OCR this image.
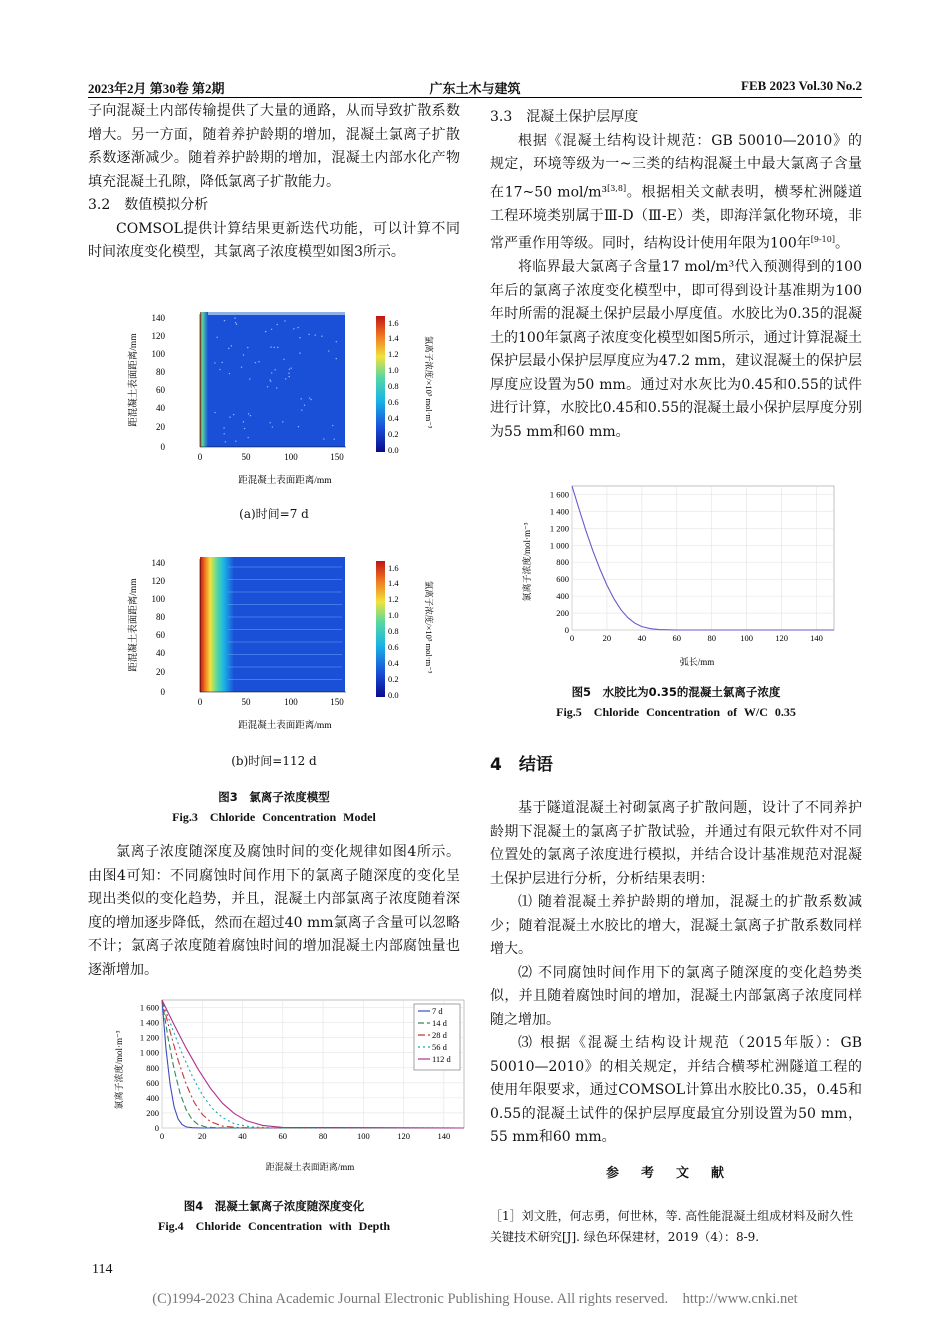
2023年2月 第30卷 第2期	广东土木与建筑	FEB 2023 Vol.30 No.2

子向混凝土内部传输提供了大量的通路，从而导致扩散系数增大。另一方面，随着养护龄期的增加，混凝土氯离子扩散系数逐渐减少。随着养护龄期的增加，混凝土内部水化产物填充混凝土孔隙，降低氯离子扩散能力。

3.2　数值模拟分析

COMSOL提供计算结果更新迭代功能，可以计算不同时间浓度变化模型，其氯离子浓度模型如图3所示。

140
120
100
80
60
40
20
0
0	50	100	150
距混凝土表面距离/mm
距混凝土表面距离/mm
1.6
1.4
1.2
1.0
0.8
0.6
0.4
0.2
0.0
氯离子浓度/×10³ mol·m⁻³
(a)时间=7 d
140
120
100
80
60
40
20
0
0	50	100	150
距混凝土表面距离/mm
距混凝土表面距离/mm
1.6
1.4
1.2
1.0
0.8
0.6
0.4
0.2
0.0
氯离子浓度/×10³ mol·m⁻³
(b)时间=112 d
图3　氯离子浓度模型
Fig.3　Chloride Concentration Model

氯离子浓度随深度及腐蚀时间的变化规律如图4所示。由图4可知：不同腐蚀时间作用下的氯离子随深度的变化呈现出类似的变化趋势，并且，混凝土内部氯离子浓度随着深度的增加逐步降低，然而在超过40 mm氯离子含量可以忽略不计；氯离子浓度随着腐蚀时间的增加混凝土内部腐蚀量也逐渐增加。

氯离子浓度/mol·m⁻³
距混凝土表面距离/mm
0	20	40	60	80	100	120	140
0
200
400
600
800
1 000
1 200
1 400
1 600	7 d
14 d
28 d
56 d
112 d
图4　混凝土氯离子浓度随深度变化
Fig.4　Chloride Concentration with Depth

3.3　混凝土保护层厚度

根据《混凝土结构设计规范：GB 50010—2010》的规定，环境等级为一~三类的结构混凝土中最大氯离子含量在17~50 mol/m³[3,8]。根据相关文献表明，横琴杧洲隧道工程环境类别属于Ⅲ-D（Ⅲ-E）类，即海洋氯化物环境，非常严重作用等级。同时，结构设计使用年限为100年[9-10]。

将临界最大氯离子含量17 mol/m³代入预测得到的100年后的氯离子浓度变化模型中，即可得到设计基准期为100年时所需的混凝土保护层最小厚度值。水胶比为0.35的混凝土的100年氯离子浓度变化模型如图5所示，通过计算混凝土保护层最小保护层厚度应为47.2 mm，建议混凝土的保护层厚度应设置为50 mm。通过对水灰比为0.45和0.55的试件进行计算，水胶比0.45和0.55的混凝土最小保护层厚度分别为55 mm和60 mm。

氯离子浓度/mol·m⁻³
弧长/mm
0	20	40	60	80	100	120	140
0
200
400
600
800
1 000
1 200
1 400
1 600
图5　水胶比为0.35的混凝土氯离子浓度
Fig.5　Chloride Concentration of W/C 0.35
4　结语

基于隧道混凝土衬砌氯离子扩散问题，设计了不同养护龄期下混凝土的氯离子扩散试验，并通过有限元软件对不同位置处的氯离子浓度进行模拟，并结合设计基准规范对混凝土保护层进行分析，分析结果表明：

⑴ 随着混凝土养护龄期的增加，混凝土的扩散系数减少；随着混凝土水胶比的增大，混凝土氯离子扩散系数同样增大。

⑵ 不同腐蚀时间作用下的氯离子随深度的变化趋势类似，并且随着腐蚀时间的增加，混凝土内部氯离子浓度同样随之增加。

⑶ 根据《混凝土结构设计规范（2015年版）：GB 50010—2010》的相关规定，并结合横琴杧洲隧道工程的使用年限要求，通过COMSOL计算出水胶比0.35，0.45和0.55的混凝土试件的保护层厚度最宜分别设置为50 mm，55 mm和60 mm。

参考文献
［1］刘文胜，何志勇，何世林，等. 高性能混凝土组成材料及耐久性关键技术研究[J]. 绿色环保建材，2019（4）：8-9.
114
(C)1994-2023 China Academic Journal Electronic Publishing House. All rights reserved.　http://www.cnki.net
